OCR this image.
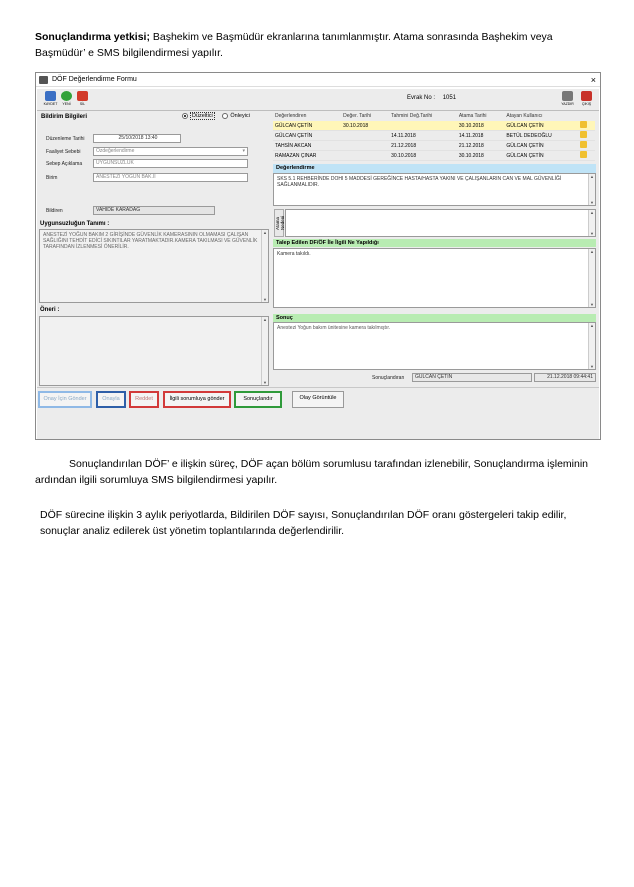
Sonuçlandırma yetkisi; Başhekim ve Başmüdür ekranlarına tanımlanmıştır. Atama sonrasında Başhekim veya Başmüdür’ e SMS bilgilendirmesi yapılır.
DÖF Değerlendirme Formu	×
KAYDET	YENİ	SİL
Evrak No : 1051
YAZDIR	ÇIKIŞ
Bildirim Bilgileri	Düzeltici	Önleyici
Düzenleme Tarihi	25/10/2018 13:40
Faaliyet Sebebi	Özdeğerlendirme	▾
Sebep Açıklama	UYGUNSUZLUK
Birim	ANESTEZİ YOĞUN BAK.II
Bildiren	VAHİDE KARADAĞ
Uygunsuzluğun Tanımı :
ANESTEZİ YOĞUN BAKIM 2 GİRİŞİNDE GÜVENLİK KAMERASININ OLMAMASI ÇALIŞAN SAĞLIĞINI TEHDİT EDİCİ SIKINTILAR YARATMAKTADIR.KAMERA TAKILMASI VE GÜVENLİK TARAFINDAN İZLENMESİ ÖNERİLİR.
▲ ▼
Öneri :
▲ ▼
Değerlendiren	Değer. Tarihi	Tahmini Değ.Tarihi	Atama Tarihi	Atayan Kullanıcı	
GÜLCAN ÇETİN	30.10.2018		30.10.2018	GÜLCAN ÇETİN	
GÜLCAN ÇETİN		14.11.2018	14.11.2018	BETÜL DEDEOĞLU	
TAHSİN AKCAN		21.12.2018	21.12.2018	GÜLCAN ÇETİN	
RAMAZAN ÇINAR		30.10.2018	30.10.2018	GÜLCAN ÇETİN	
Değerlendirme
SKS 5.1 REHBERİNDE DOHI 5 MADDESİ GEREĞİNCE HASTA/HASTA YAKINI VE ÇALIŞANLARIN CAN VE MAL GÜVENLİĞİ SAĞLANMALIDIR.
▲ ▼
Atama Nedeni
▲ ▼
Talep Edilen DF/ÖF İle İlgili Ne Yapıldığı
Kamera takıldı.
▲ ▼
Sonuç
Anestezi Yoğun bakım ünitesine kamera takılmıştır.
▲ ▼
Sonuçlandıran	GÜLCAN ÇETİN	21.12.2018 09:44:41
Onay İçin Gönder	Onayla	Reddet	İlgili sorumluya gönder	Sonuçlandır	Olay Görüntüle
Sonuçlandırılan DÖF’ e ilişkin süreç, DÖF açan bölüm sorumlusu tarafından izlenebilir, Sonuçlandırma işleminin ardından ilgili sorumluya SMS bilgilendirmesi yapılır.
DÖF sürecine ilişkin 3 aylık periyotlarda, Bildirilen DÖF sayısı, Sonuçlandırılan DÖF oranı göstergeleri takip edilir, sonuçlar analiz edilerek üst yönetim toplantılarında değerlendirilir.
